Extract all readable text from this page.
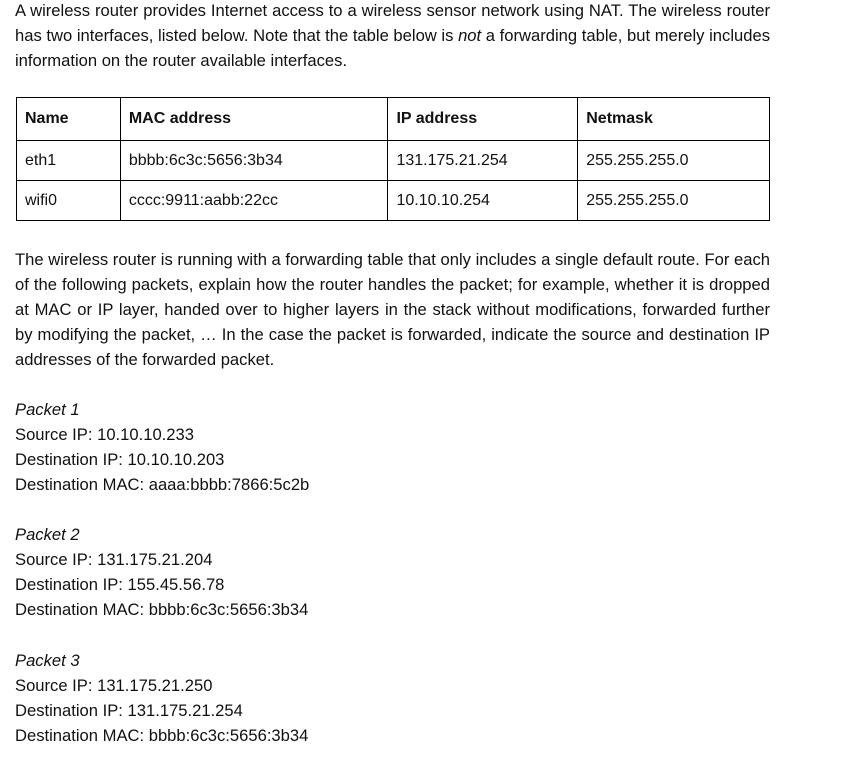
A wireless router provides Internet access to a wireless sensor network using NAT. The wireless router has two interfaces, listed below. Note that the table below is not a forwarding table, but merely includes information on the router available interfaces.

Name	MAC address	IP address	Netmask
eth1	bbbb:6c3c:5656:3b34	131.175.21.254	255.255.255.0
wifi0	cccc:9911:aabb:22cc	10.10.10.254	255.255.255.0

The wireless router is running with a forwarding table that only includes a single default route. For each of the following packets, explain how the router handles the packet; for example, whether it is dropped at MAC or IP layer, handed over to higher layers in the stack without modifications, forwarded further by modifying the packet, … In the case the packet is forwarded, indicate the source and destination IP addresses of the forwarded packet.

Packet 1
Source IP: 10.10.10.233
Destination IP: 10.10.10.203
Destination MAC: aaaa:bbbb:7866:5c2b
Packet 2
Source IP: 131.175.21.204
Destination IP: 155.45.56.78
Destination MAC: bbbb:6c3c:5656:3b34
Packet 3
Source IP: 131.175.21.250
Destination IP: 131.175.21.254
Destination MAC: bbbb:6c3c:5656:3b34
